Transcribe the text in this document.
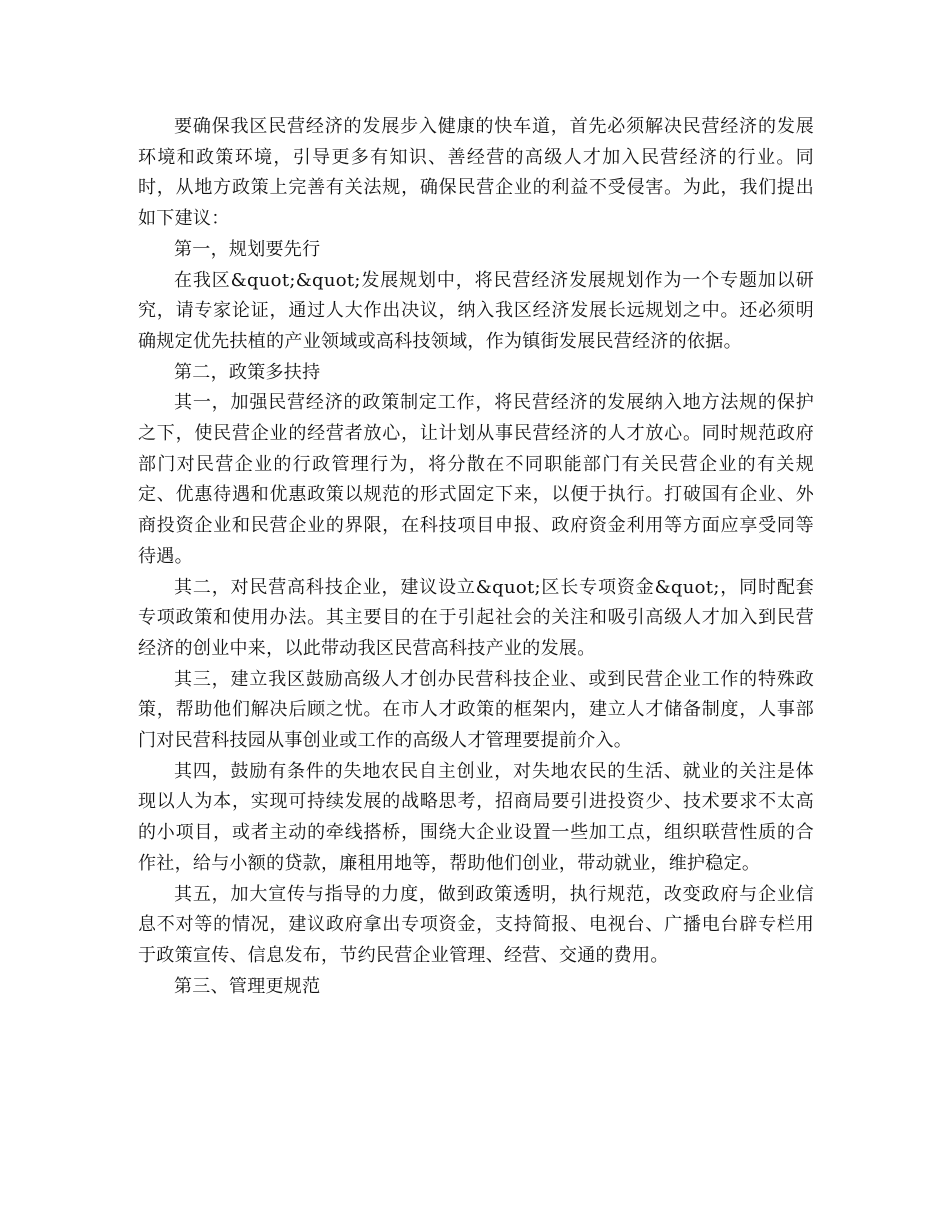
要确保我区民营经济的发展步入健康的快车道，首先必须解决民营经济的发展环境和政策环境，引导更多有知识、善经营的高级人才加入民营经济的行业。同时，从地方政策上完善有关法规，确保民营企业的利益不受侵害。为此，我们提出如下建议：

第一，规划要先行

在我区&quot;&quot;发展规划中，将民营经济发展规划作为一个专题加以研究，请专家论证，通过人大作出决议，纳入我区经济发展长远规划之中。还必须明确规定优先扶植的产业领域或高科技领域，作为镇街发展民营经济的依据。

第二，政策多扶持

其一，加强民营经济的政策制定工作，将民营经济的发展纳入地方法规的保护之下，使民营企业的经营者放心，让计划从事民营经济的人才放心。同时规范政府部门对民营企业的行政管理行为，将分散在不同职能部门有关民营企业的有关规定、优惠待遇和优惠政策以规范的形式固定下来，以便于执行。打破国有企业、外商投资企业和民营企业的界限，在科技项目申报、政府资金利用等方面应享受同等待遇。

其二，对民营高科技企业，建议设立&quot;区长专项资金&quot;，同时配套专项政策和使用办法。其主要目的在于引起社会的关注和吸引高级人才加入到民营经济的创业中来，以此带动我区民营高科技产业的发展。

其三，建立我区鼓励高级人才创办民营科技企业、或到民营企业工作的特殊政策，帮助他们解决后顾之忧。在市人才政策的框架内，建立人才储备制度，人事部门对民营科技园从事创业或工作的高级人才管理要提前介入。

其四，鼓励有条件的失地农民自主创业，对失地农民的生活、就业的关注是体现以人为本，实现可持续发展的战略思考，招商局要引进投资少、技术要求不太高的小项目，或者主动的牵线搭桥，围绕大企业设置一些加工点，组织联营性质的合作社，给与小额的贷款，廉租用地等，帮助他们创业，带动就业，维护稳定。

其五，加大宣传与指导的力度，做到政策透明，执行规范，改变政府与企业信息不对等的情况，建议政府拿出专项资金，支持简报、电视台、广播电台辟专栏用于政策宣传、信息发布，节约民营企业管理、经营、交通的费用。

第三、管理更规范
